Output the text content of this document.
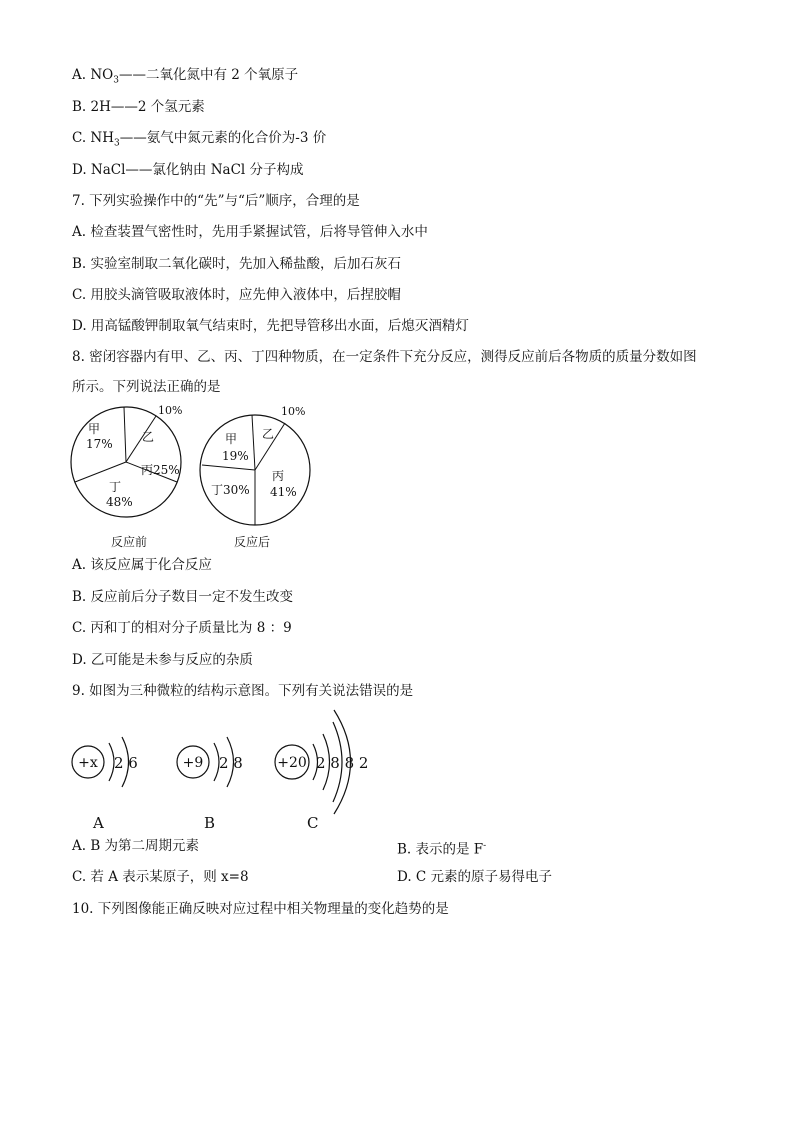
A. $NO_3——$二氧化氮中有 2 个氧原子
B. 2H——2 个氢元素
C. $NH_3——$氨气中氮元素的化合价为-3 价
D. NaCl——氯化钠由 NaCl 分子构成
7. 下列实验操作中的“先”与“后”顺序，合理的是
A. 检查装置气密性时，先用手紧握试管，后将导管伸入水中
B. 实验室制取二氧化碳时，先加入稀盐酸，后加石灰石
C. 用胶头滴管吸取液体时，应先伸入液体中，后捏胶帽
D. 用高锰酸钾制取氧气结束时，先把导管移出水面，后熄灭酒精灯
8. 密闭容器内有甲、乙、丙、丁四种物质，在一定条件下充分反应，测得反应前后各物质的质量分数如图
所示。下列说法正确的是
甲
17% 乙
10%
丙25%
丁
48%
反应前
甲
19%
乙
10%
丙
41%
丁30%
反应后
A. 该反应属于化合反应
B. 反应前后分子数目一定不发生改变
C. 丙和丁的相对分子质量比为 8 ：9
D. 乙可能是未参与反应的杂质
9. 如图为三种微粒的结构示意图。下列有关说法错误的是
+x 2 6
A
+9 2 8
B
+20 2 8 8 2
C
A. B 为第二周期元素	B. 表示的是 F-
C. 若 A 表示某原子，则 x=8	D. C 元素的原子易得电子
10. 下列图像能正确反映对应过程中相关物理量的变化趋势的是
